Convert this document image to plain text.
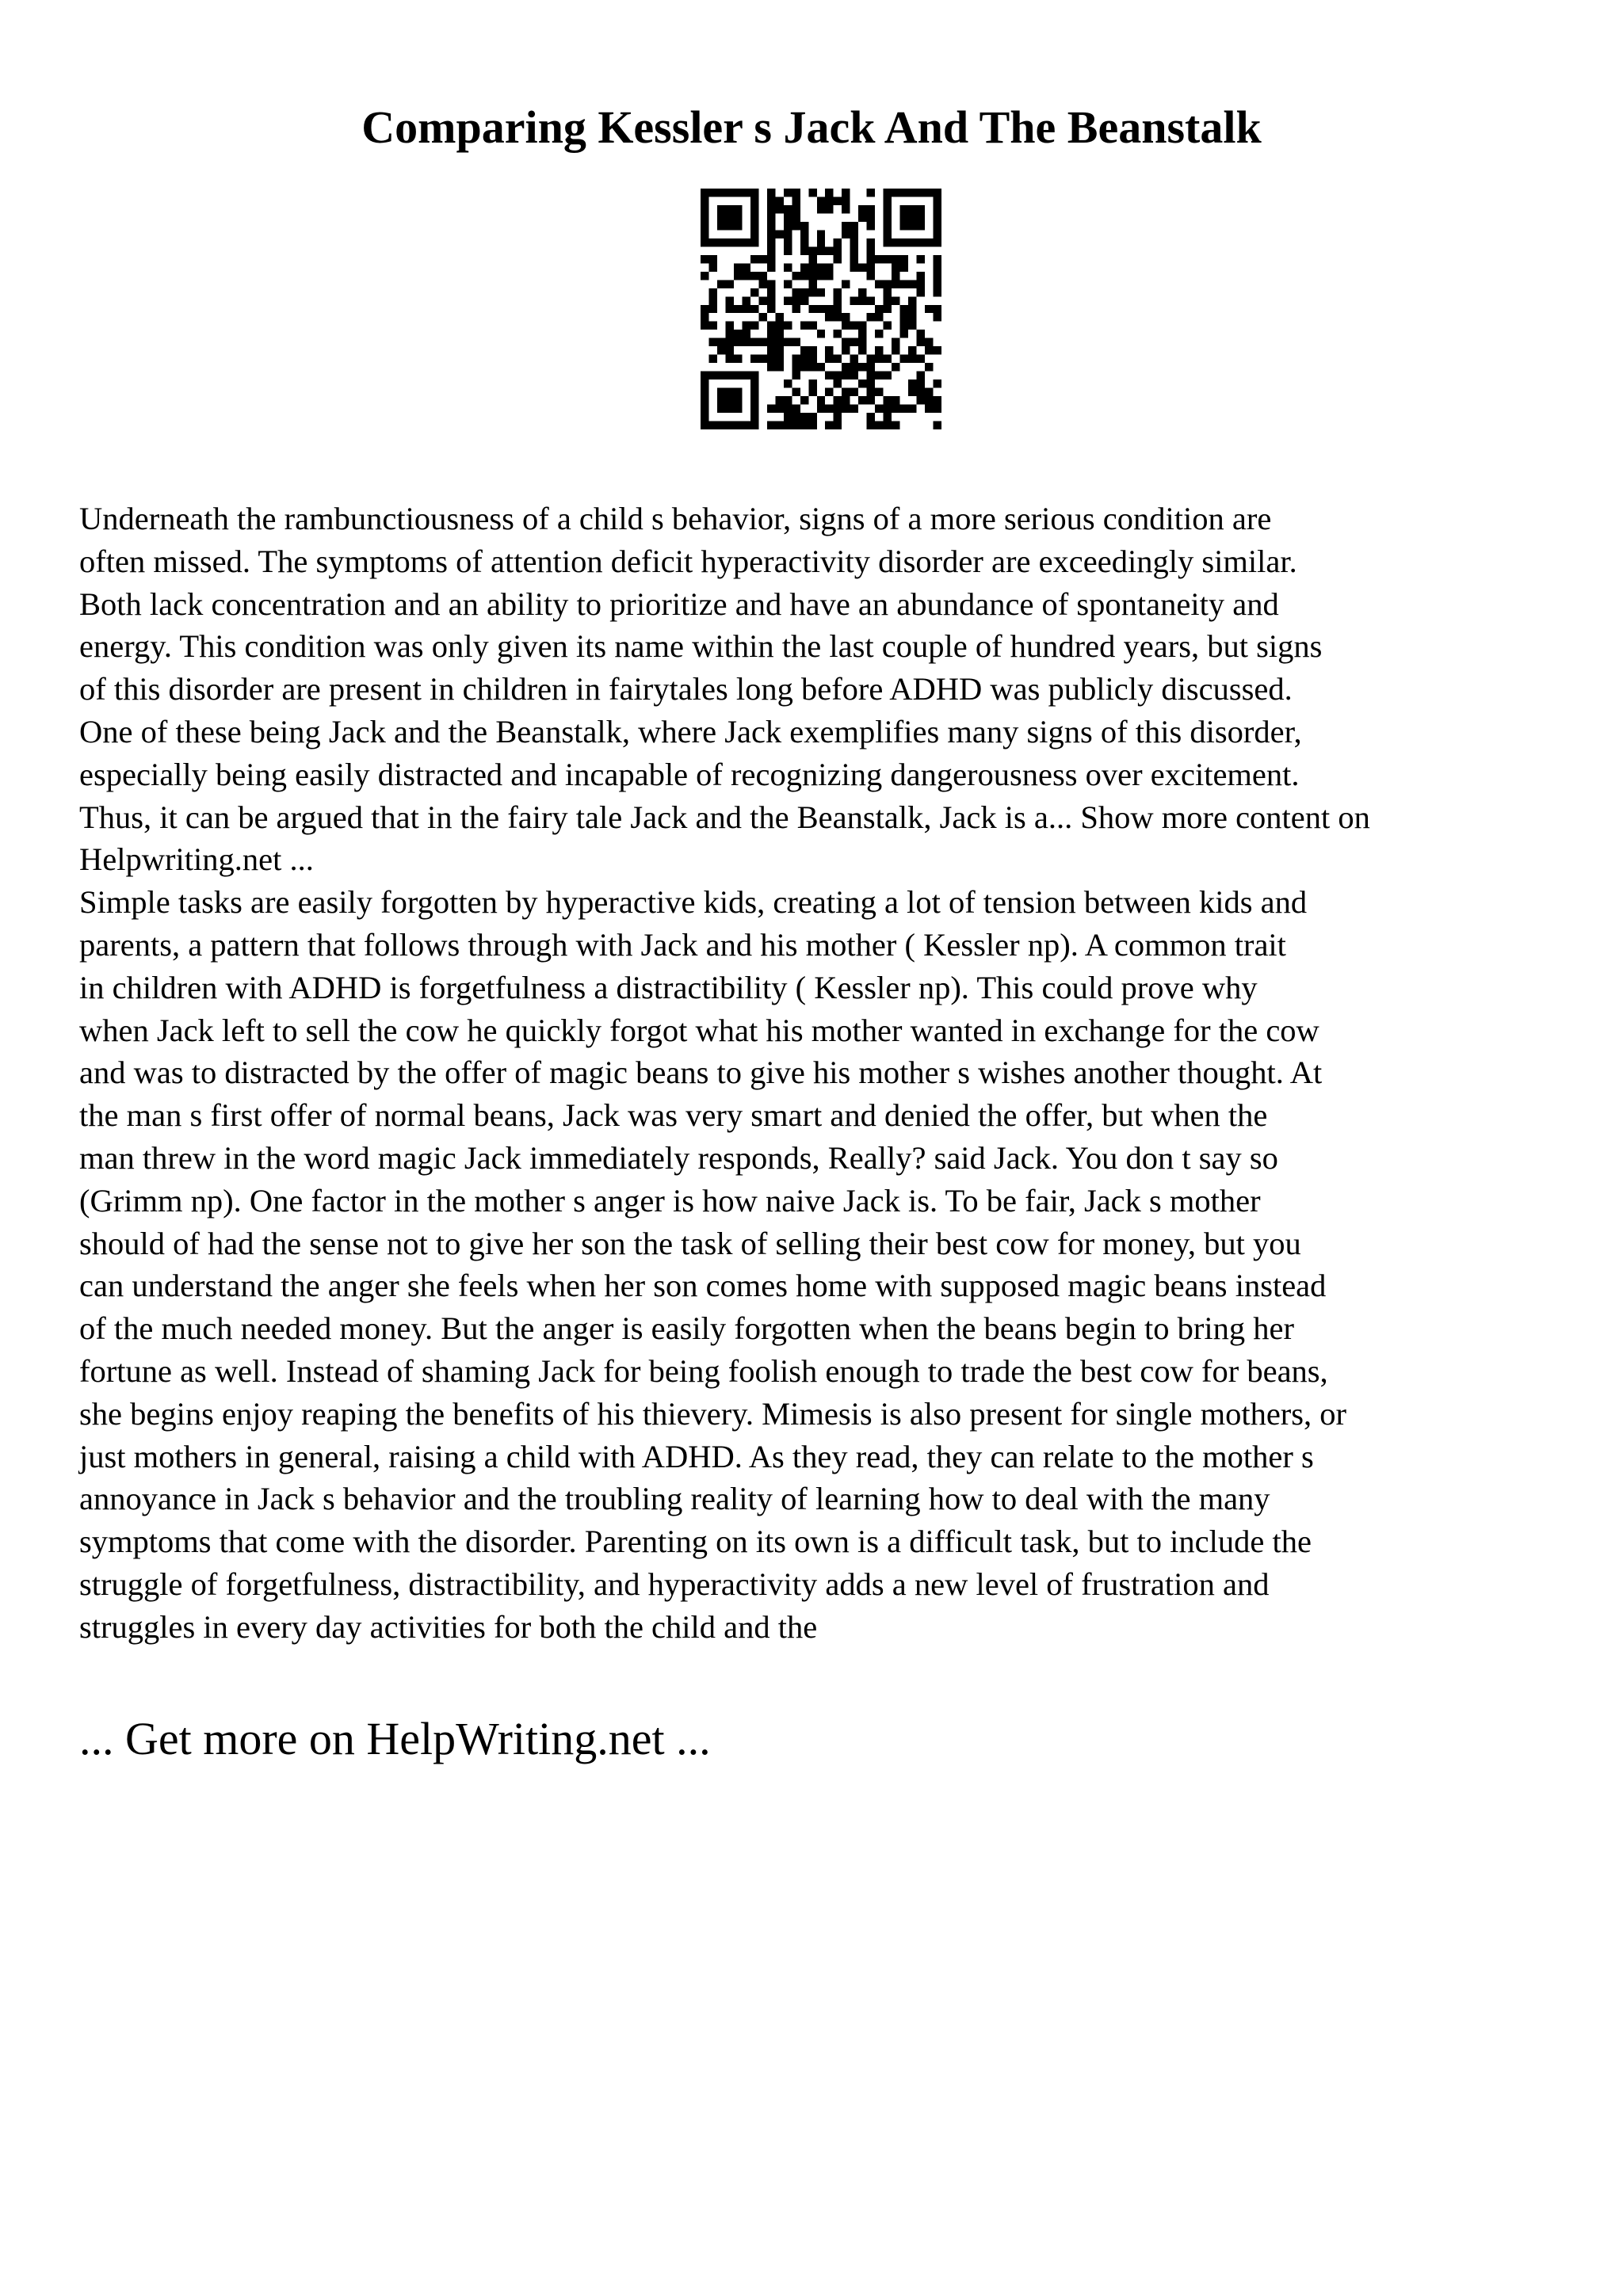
Comparing Kessler s Jack And The Beanstalk

Underneath the rambunctiousness of a child s behavior, signs of a more serious condition are
often missed. The symptoms of attention deficit hyperactivity disorder are exceedingly similar.
Both lack concentration and an ability to prioritize and have an abundance of spontaneity and
energy. This condition was only given its name within the last couple of hundred years, but signs
of this disorder are present in children in fairytales long before ADHD was publicly discussed.
One of these being Jack and the Beanstalk, where Jack exemplifies many signs of this disorder,
especially being easily distracted and incapable of recognizing dangerousness over excitement.
Thus, it can be argued that in the fairy tale Jack and the Beanstalk, Jack is a... Show more content on
Helpwriting.net ...

Simple tasks are easily forgotten by hyperactive kids, creating a lot of tension between kids and
parents, a pattern that follows through with Jack and his mother ( Kessler np). A common trait
in children with ADHD is forgetfulness a distractibility ( Kessler np). This could prove why
when Jack left to sell the cow he quickly forgot what his mother wanted in exchange for the cow
and was to distracted by the offer of magic beans to give his mother s wishes another thought. At
the man s first offer of normal beans, Jack was very smart and denied the offer, but when the
man threw in the word magic Jack immediately responds, Really? said Jack. You don t say so
(Grimm np). One factor in the mother s anger is how naive Jack is. To be fair, Jack s mother
should of had the sense not to give her son the task of selling their best cow for money, but you
can understand the anger she feels when her son comes home with supposed magic beans instead
of the much needed money. But the anger is easily forgotten when the beans begin to bring her
fortune as well. Instead of shaming Jack for being foolish enough to trade the best cow for beans,
she begins enjoy reaping the benefits of his thievery. Mimesis is also present for single mothers, or
just mothers in general, raising a child with ADHD. As they read, they can relate to the mother s
annoyance in Jack s behavior and the troubling reality of learning how to deal with the many
symptoms that come with the disorder. Parenting on its own is a difficult task, but to include the
struggle of forgetfulness, distractibility, and hyperactivity adds a new level of frustration and
struggles in every day activities for both the child and the

... Get more on HelpWriting.net ...
